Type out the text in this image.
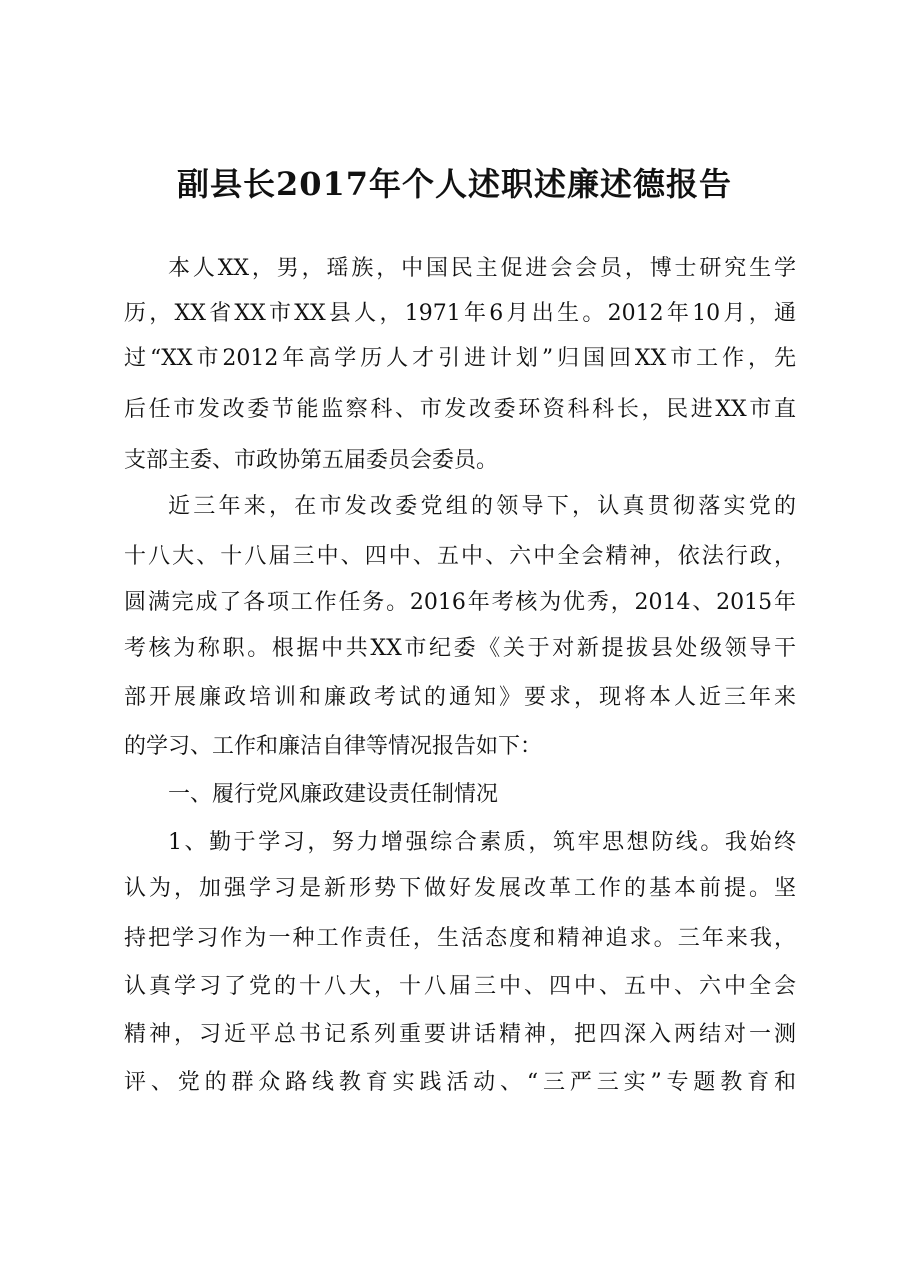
副县长2017年个人述职述廉述德报告

本人XX，男，瑶族，中国民主促进会会员，博士研究生学

历，XX省XX市XX县人，1971年6月出生。2012年10月，通

过“XX市2012年高学历人才引进计划”归国回XX市工作，先

后任市发改委节能监察科、市发改委环资科科长，民进XX市直

支部主委、市政协第五届委员会委员。

近三年来，在市发改委党组的领导下，认真贯彻落实党的

十八大、十八届三中、四中、五中、六中全会精神，依法行政，

圆满完成了各项工作任务。2016年考核为优秀，2014、2015年

考核为称职。根据中共XX市纪委《关于对新提拔县处级领导干

部开展廉政培训和廉政考试的通知》要求，现将本人近三年来

的学习、工作和廉洁自律等情况报告如下：

一、履行党风廉政建设责任制情况

1、勤于学习，努力增强综合素质，筑牢思想防线。我始终

认为，加强学习是新形势下做好发展改革工作的基本前提。坚

持把学习作为一种工作责任，生活态度和精神追求。三年来我，

认真学习了党的十八大，十八届三中、四中、五中、六中全会

精神，习近平总书记系列重要讲话精神，把四深入两结对一测

评、党的群众路线教育实践活动、“三严三实”专题教育和
